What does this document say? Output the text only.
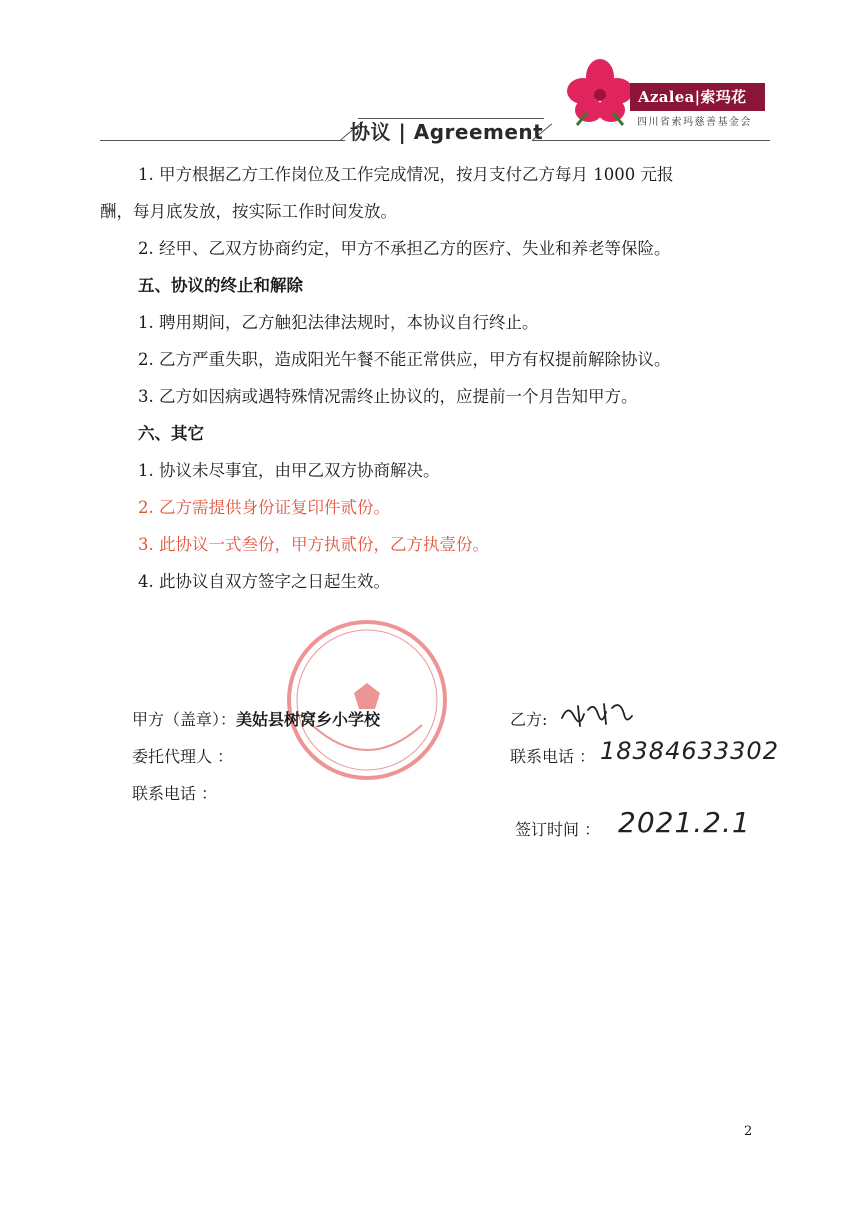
协议 | Agreement
Azalea|索玛花
四川省索玛慈善基金会
1. 甲方根据乙方工作岗位及工作完成情况，按月支付乙方每月 1000 元报
酬，每月底发放，按实际工作时间发放。
2. 经甲、乙双方协商约定，甲方不承担乙方的医疗、失业和养老等保险。
五、协议的终止和解除
1. 聘用期间，乙方触犯法律法规时，本协议自行终止。
2. 乙方严重失职，造成阳光午餐不能正常供应，甲方有权提前解除协议。
3. 乙方如因病或遇特殊情况需终止协议的，应提前一个月告知甲方。
六、其它
1. 协议未尽事宜，由甲乙双方协商解决。
2. 乙方需提供身份证复印件贰份。
3. 此协议一式叁份，甲方执贰份，乙方执壹份。
4. 此协议自双方签字之日起生效。
甲方（盖章）：美姑县树窝乡小学校
委托代理人 ：
联系电话 ：
乙方:
联系电话 ： 18384633302
签订时间 ： 2021.2.1
2
